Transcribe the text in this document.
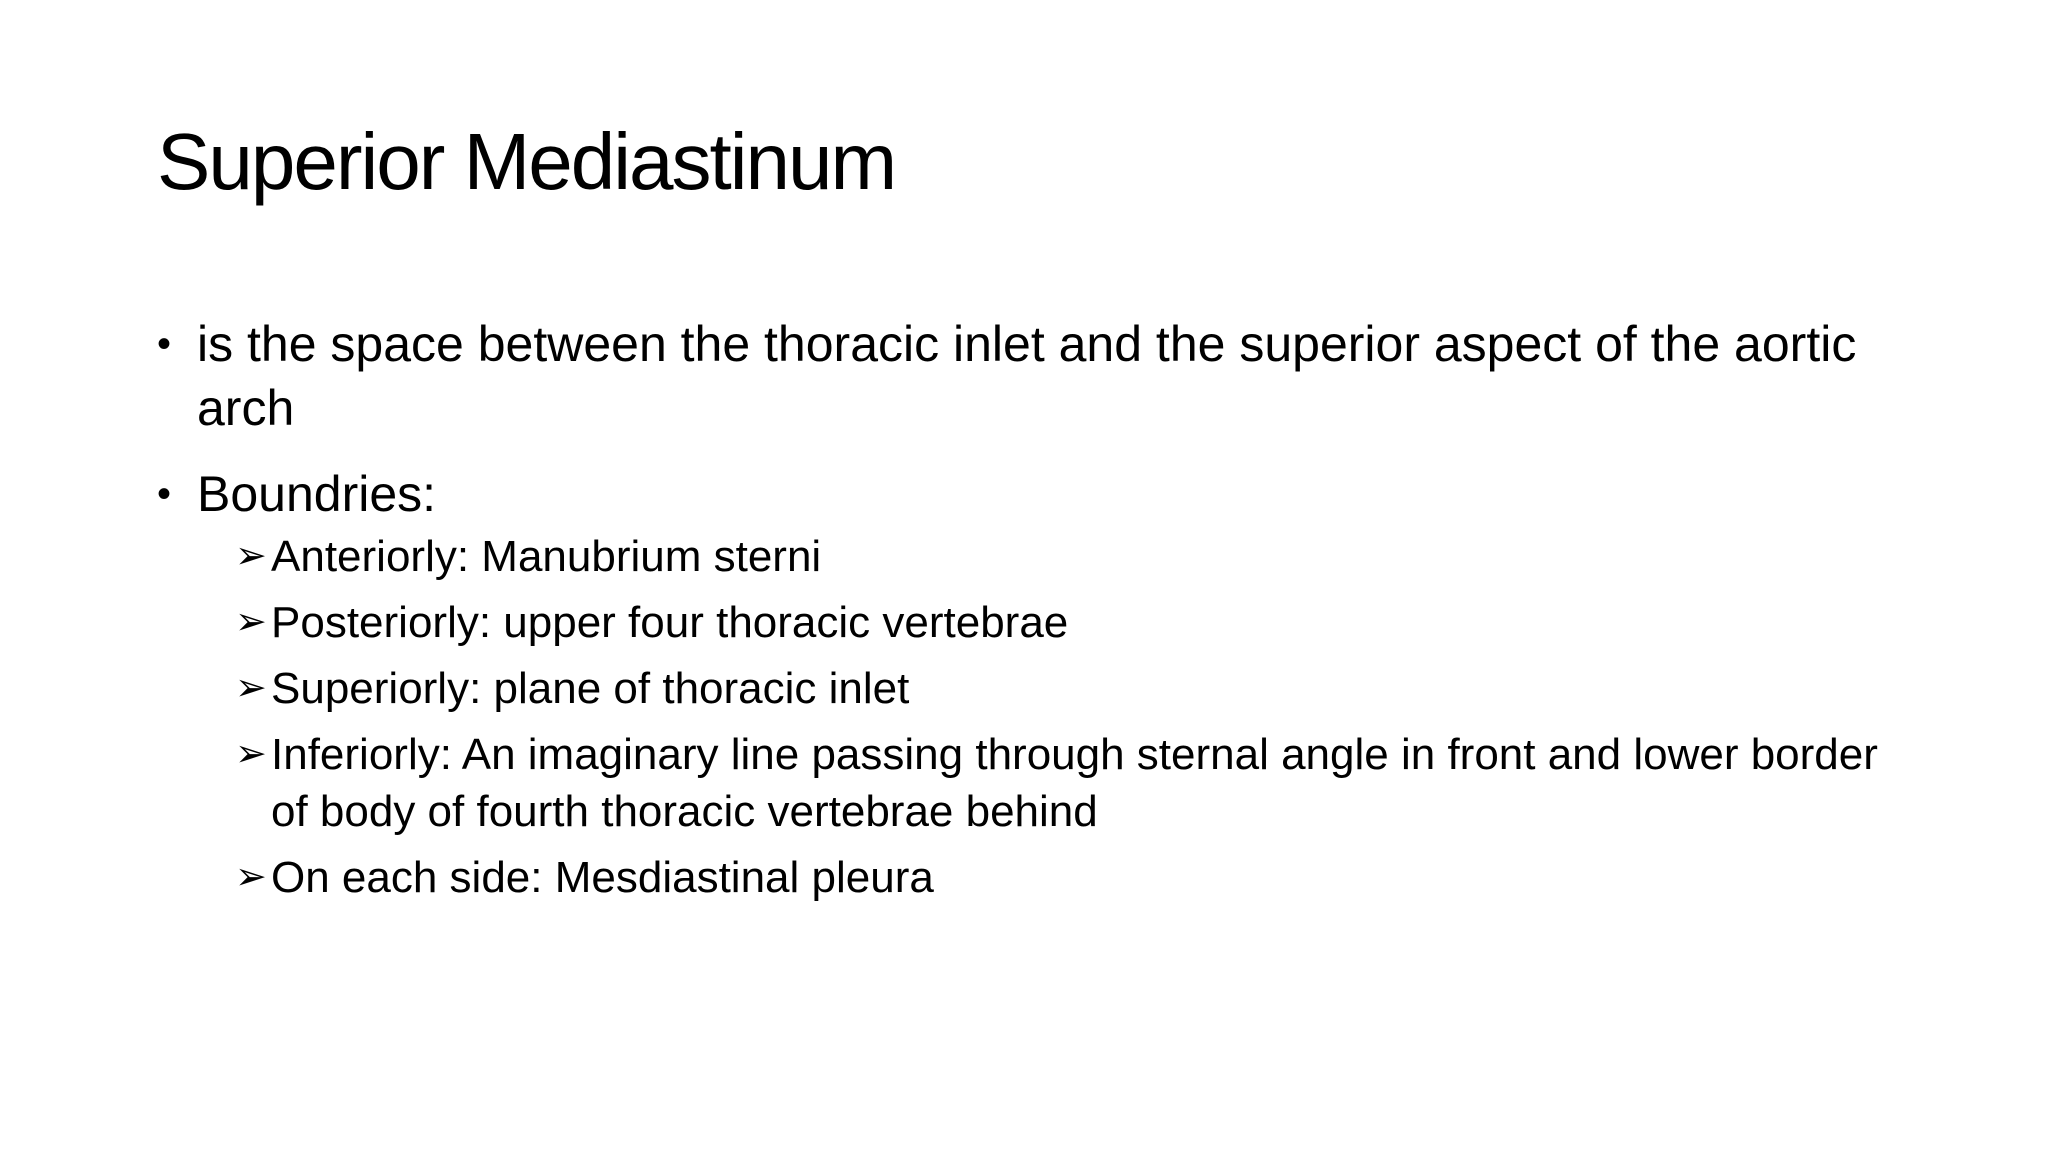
Superior Mediastinum
• is the space between the thoracic inlet and the superior aspect of the aortic arch
• Boundries:
➢ Anteriorly: Manubrium sterni
➢ Posteriorly: upper four thoracic vertebrae
➢ Superiorly: plane of thoracic inlet
➢ Inferiorly: An imaginary line passing through sternal angle in front and lower border of body of fourth thoracic vertebrae behind
➢ On each side: Mesdiastinal pleura
